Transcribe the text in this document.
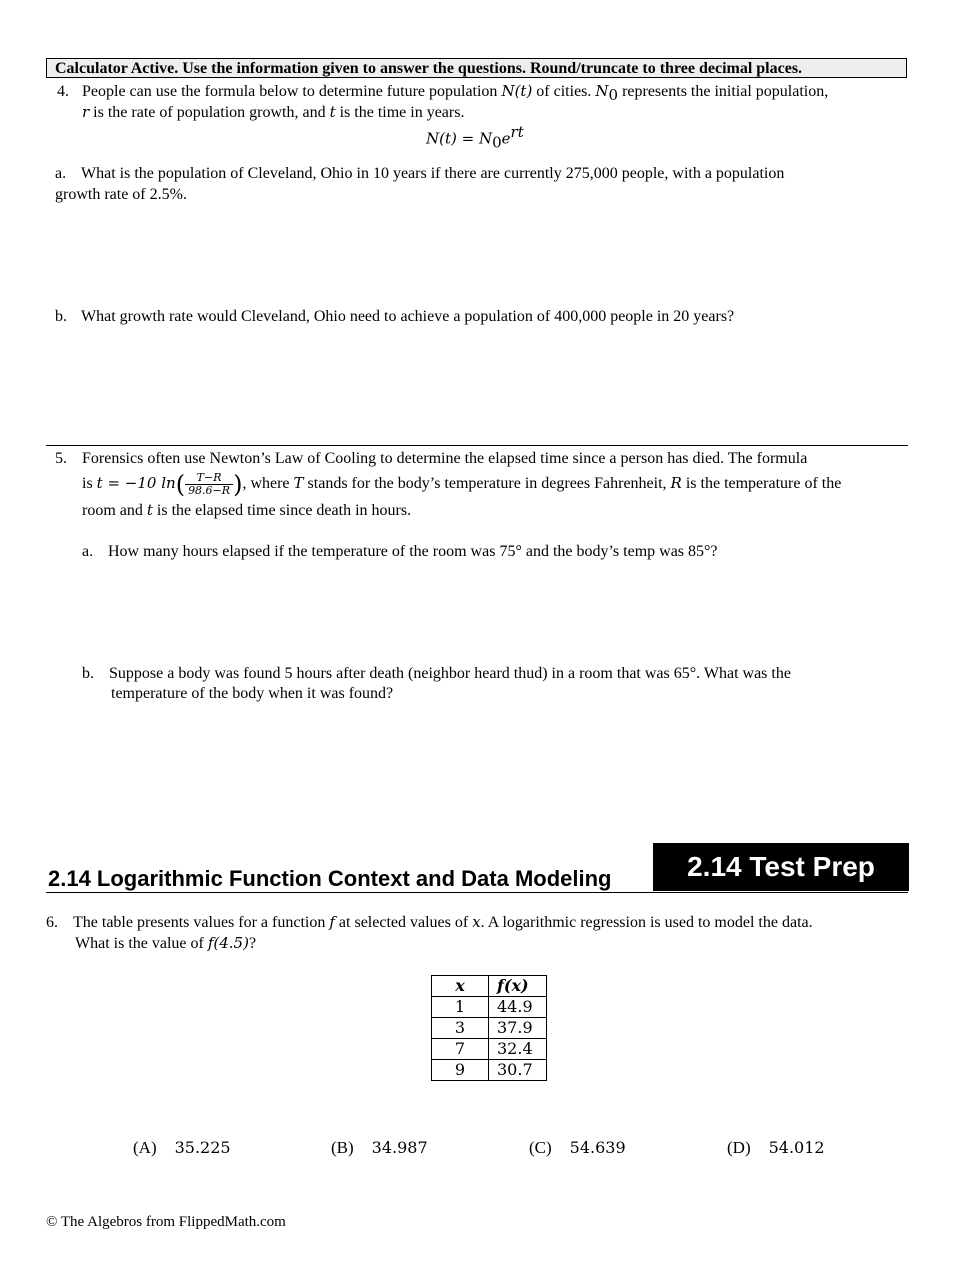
Calculator Active. Use the information given to answer the questions. Round/truncate to three decimal places.
4. People can use the formula below to determine future population N(t) of cities. $N_0$ represents the initial population,
r is the rate of population growth, and t is the time in years.
$N(t) = N_0e^{rt}$
a. What is the population of Cleveland, Ohio in 10 years if there are currently 275,000 people, with a population
growth rate of 2.5%.
b. What growth rate would Cleveland, Ohio need to achieve a population of 400,000 people in 20 years?
5. Forensics often use Newton’s Law of Cooling to determine the elapsed time since a person has died. The formula
is t = −10 $\ln( \frac{T-R}{98.6-R}$ ), where T stands for the body’s temperature in degrees Fahrenheit, R is the temperature of the
room and t is the elapsed time since death in hours.
a. How many hours elapsed if the temperature of the room was 75° and the body’s temp was 85°?
b. Suppose a body was found 5 hours after death (neighbor heard thud) in a room that was 65°. What was the
temperature of the body when it was found?
2.14 Logarithmic Function Context and Data Modeling	2.14 Test Prep
6. The table presents values for a function f at selected values of x. A logarithmic regression is used to model the data.
What is the value of f(4.5)?
x	f(x)
1	44.9
3	37.9
7	32.4
9	30.7
(A) 35.225	(B) 34.987	(C) 54.639	(D) 54.012
© The Algebros from FlippedMath.com
